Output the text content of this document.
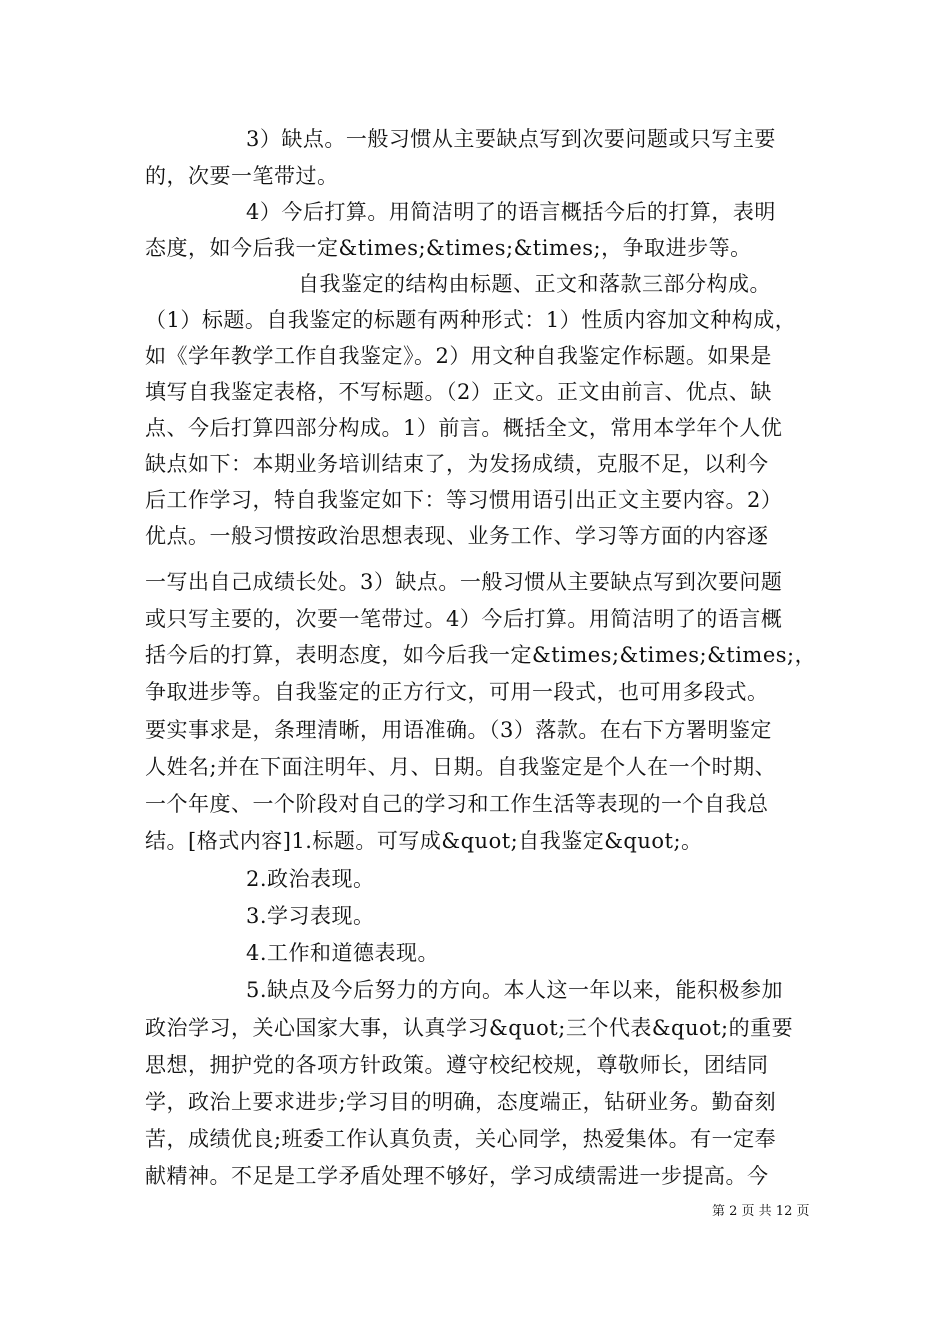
3）缺点。一般习惯从主要缺点写到次要问题或只写主要
的，次要一笔带过。
4）今后打算。用简洁明了的语言概括今后的打算，表明
态度，如今后我一定&times;&times;&times;，争取进步等。
自我鉴定的结构由标题、正文和落款三部分构成。
（1）标题。自我鉴定的标题有两种形式：1）性质内容加文种构成，
如《学年教学工作自我鉴定》。2）用文种自我鉴定作标题。如果是
填写自我鉴定表格，不写标题。（2）正文。正文由前言、优点、缺
点、今后打算四部分构成。1）前言。概括全文，常用本学年个人优
缺点如下：本期业务培训结束了，为发扬成绩，克服不足，以利今
后工作学习，特自我鉴定如下：等习惯用语引出正文主要内容。2）
优点。一般习惯按政治思想表现、业务工作、学习等方面的内容逐
一写出自己成绩长处。3）缺点。一般习惯从主要缺点写到次要问题
或只写主要的，次要一笔带过。4）今后打算。用简洁明了的语言概
括今后的打算，表明态度，如今后我一定&times;&times;&times;，
争取进步等。自我鉴定的正方行文，可用一段式，也可用多段式。
要实事求是，条理清晰，用语准确。（3）落款。在右下方署明鉴定
人姓名;并在下面注明年、月、日期。自我鉴定是个人在一个时期、
一个年度、一个阶段对自己的学习和工作生活等表现的一个自我总
结。[格式内容]1.标题。可写成&quot;自我鉴定&quot;。
2.政治表现。
3.学习表现。
4.工作和道德表现。
5.缺点及今后努力的方向。本人这一年以来，能积极参加
政治学习，关心国家大事，认真学习&quot;三个代表&quot;的重要
思想，拥护党的各项方针政策。遵守校纪校规，尊敬师长，团结同
学，政治上要求进步;学习目的明确，态度端正，钻研业务。勤奋刻
苦，成绩优良;班委工作认真负责，关心同学，热爱集体。有一定奉
献精神。不足是工学矛盾处理不够好，学习成绩需进一步提高。今
第 2 页 共 12 页
